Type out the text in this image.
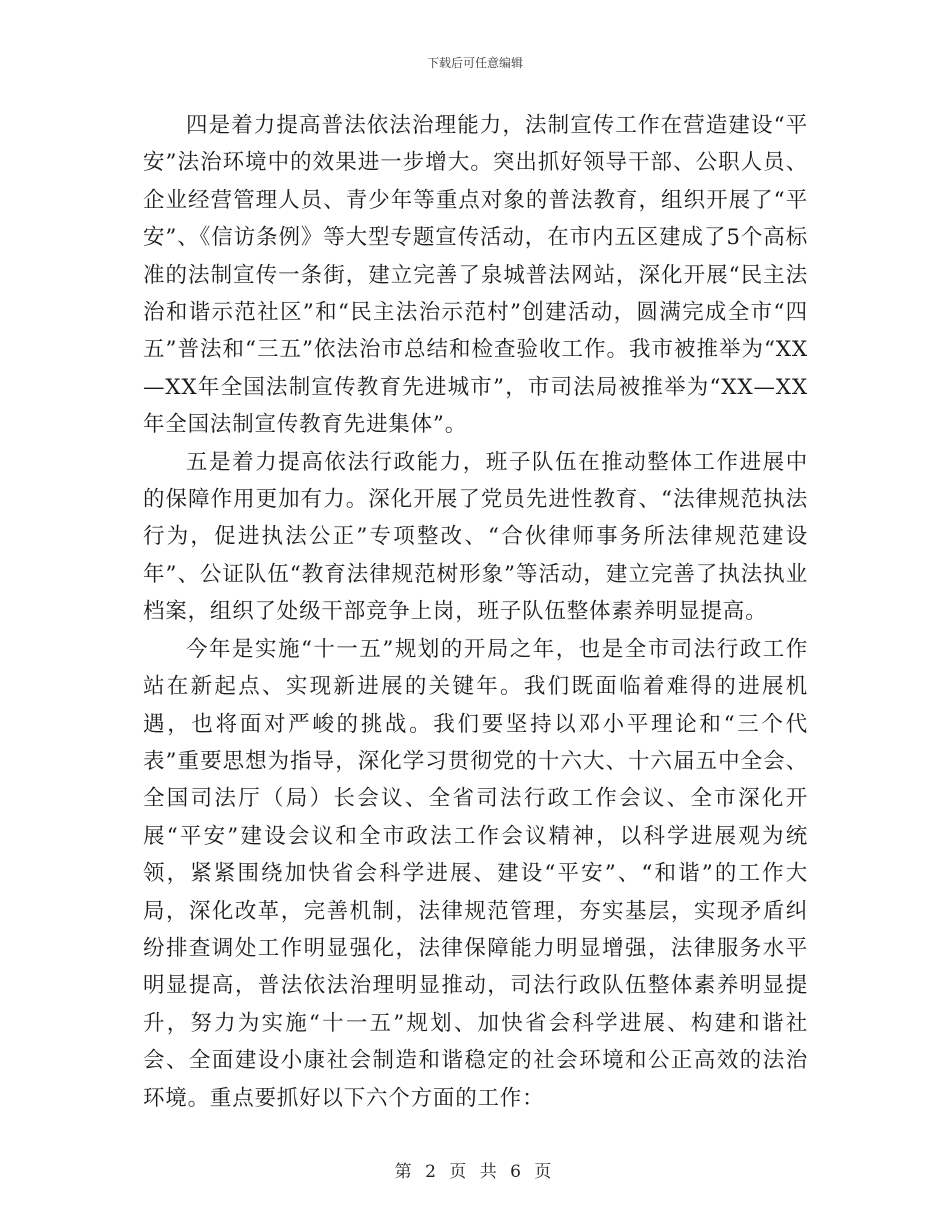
下载后可任意编辑

四是着力提高普法依法治理能力，法制宣传工作在营造建设“平安”法治环境中的效果进一步增大。突出抓好领导干部、公职人员、企业经营管理人员、青少年等重点对象的普法教育，组织开展了“平安”、《信访条例》等大型专题宣传活动，在市内五区建成了5个高标准的法制宣传一条街，建立完善了泉城普法网站，深化开展“民主法治和谐示范社区”和“民主法治示范村”创建活动，圆满完成全市“四五”普法和“三五”依法治市总结和检查验收工作。我市被推举为“XX—XX年全国法制宣传教育先进城市”，市司法局被推举为“XX—XX年全国法制宣传教育先进集体”。

五是着力提高依法行政能力，班子队伍在推动整体工作进展中的保障作用更加有力。深化开展了党员先进性教育、“法律规范执法行为，促进执法公正”专项整改、“合伙律师事务所法律规范建设年”、公证队伍“教育法律规范树形象”等活动，建立完善了执法执业档案，组织了处级干部竞争上岗，班子队伍整体素养明显提高。

今年是实施“十一五”规划的开局之年，也是全市司法行政工作站在新起点、实现新进展的关键年。我们既面临着难得的进展机遇，也将面对严峻的挑战。我们要坚持以邓小平理论和“三个代表”重要思想为指导，深化学习贯彻党的十六大、十六届五中全会、全国司法厅（局）长会议、全省司法行政工作会议、全市深化开展“平安”建设会议和全市政法工作会议精神，以科学进展观为统领，紧紧围绕加快省会科学进展、建设“平安”、“和谐”的工作大局，深化改革，完善机制，法律规范管理，夯实基层，实现矛盾纠纷排查调处工作明显强化，法律保障能力明显增强，法律服务水平明显提高，普法依法治理明显推动，司法行政队伍整体素养明显提升，努力为实施“十一五”规划、加快省会科学进展、构建和谐社会、全面建设小康社会制造和谐稳定的社会环境和公正高效的法治环境。重点要抓好以下六个方面的工作：

第 2 页 共 6 页
